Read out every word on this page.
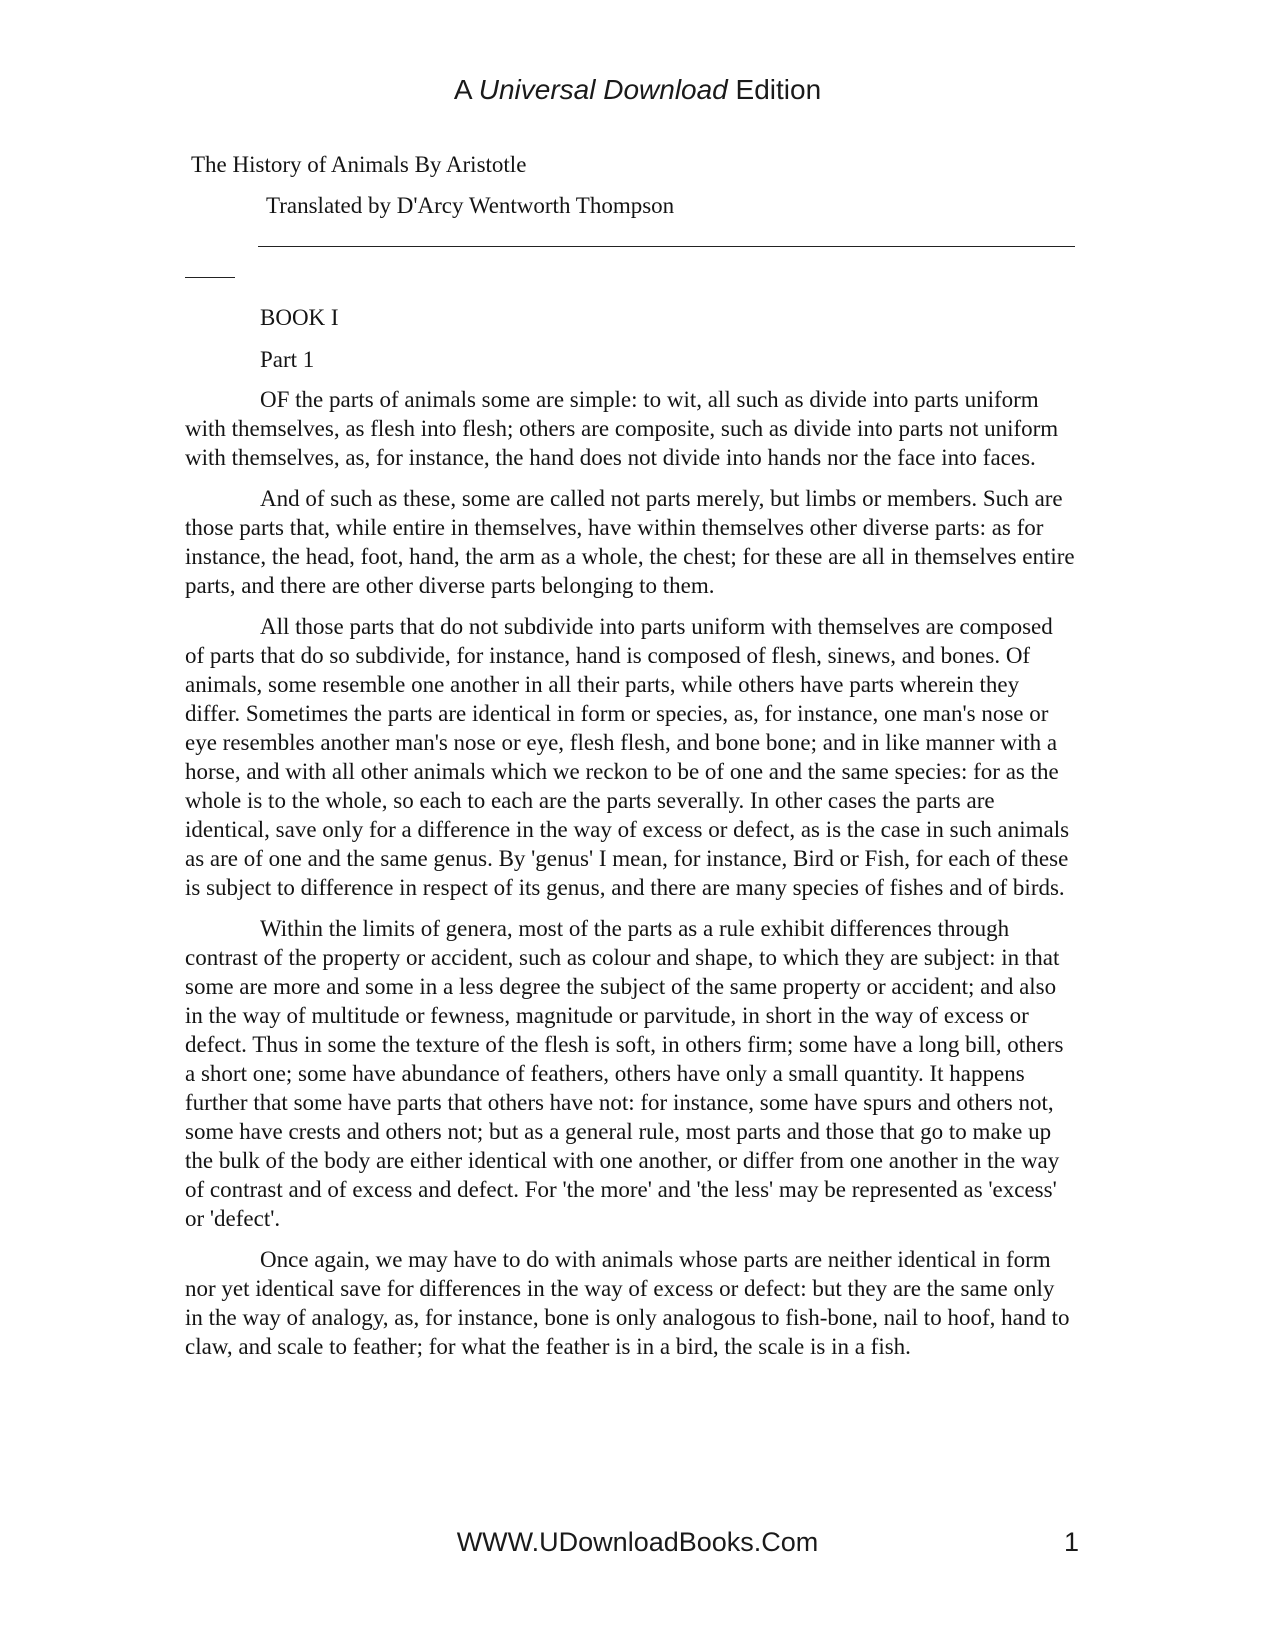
A Universal Download Edition
The History of Animals By Aristotle
Translated by D'Arcy Wentworth Thompson
BOOK I
Part 1

OF the parts of animals some are simple: to wit, all such as divide into parts uniform with themselves, as flesh into flesh; others are composite, such as divide into parts not uniform with themselves, as, for instance, the hand does not divide into hands nor the face into faces.

And of such as these, some are called not parts merely, but limbs or members. Such are those parts that, while entire in themselves, have within themselves other diverse parts: as for instance, the head, foot, hand, the arm as a whole, the chest; for these are all in themselves entire parts, and there are other diverse parts belonging to them.

All those parts that do not subdivide into parts uniform with themselves are composed of parts that do so subdivide, for instance, hand is composed of flesh, sinews, and bones. Of animals, some resemble one another in all their parts, while others have parts wherein they differ. Sometimes the parts are identical in form or species, as, for instance, one man's nose or eye resembles another man's nose or eye, flesh flesh, and bone bone; and in like manner with a horse, and with all other animals which we reckon to be of one and the same species: for as the whole is to the whole, so each to each are the parts severally. In other cases the parts are identical, save only for a difference in the way of excess or defect, as is the case in such animals as are of one and the same genus. By 'genus' I mean, for instance, Bird or Fish, for each of these is subject to difference in respect of its genus, and there are many species of fishes and of birds.

Within the limits of genera, most of the parts as a rule exhibit differences through contrast of the property or accident, such as colour and shape, to which they are subject: in that some are more and some in a less degree the subject of the same property or accident; and also in the way of multitude or fewness, magnitude or parvitude, in short in the way of excess or defect. Thus in some the texture of the flesh is soft, in others firm; some have a long bill, others a short one; some have abundance of feathers, others have only a small quantity. It happens further that some have parts that others have not: for instance, some have spurs and others not, some have crests and others not; but as a general rule, most parts and those that go to make up the bulk of the body are either identical with one another, or differ from one another in the way of contrast and of excess and defect. For 'the more' and 'the less' may be represented as 'excess' or 'defect'.

Once again, we may have to do with animals whose parts are neither identical in form nor yet identical save for differences in the way of excess or defect: but they are the same only in the way of analogy, as, for instance, bone is only analogous to fish-bone, nail to hoof, hand to claw, and scale to feather; for what the feather is in a bird, the scale is in a fish.

WWW.UDownloadBooks.Com	1
